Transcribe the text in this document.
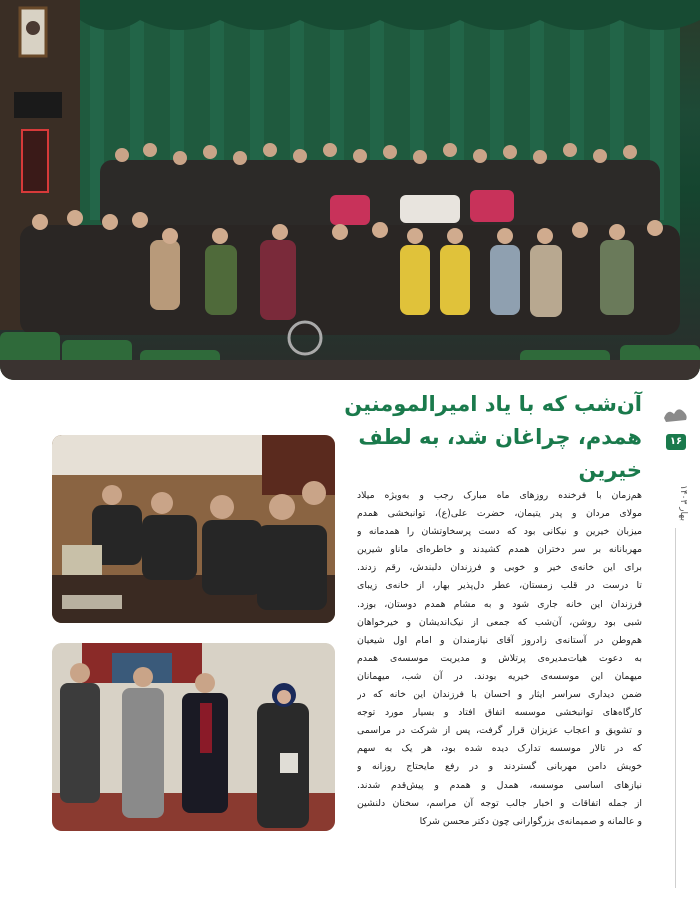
۱۶
بهار ۱۴۰۳
آن‌شب که با یاد امیرالمومنین
همدم، چراغان شد، به لطف خیرین
هم‌زمان با فرخنده روزهای ماه مبارک رجب و به‌ویژه میلاد
مولای مردان و پدر یتیمان، حضرت علی(ع)، توانبخشی همدم
میزبان خیرین و نیکانی بود که دست پرسخاوتشان را همدمانه و
مهربانانه بر سر دختران همدم کشیدند و خاطره‌ای ماناو شیرین
برای این خانه‌ی خیر و خوبی و فرزندان دلبندش، رقم زدند.
تا درست در قلب زمستان، عطر دل‌پذیر بهار، از خانه‌ی زیبای
فرزندان این خانه جاری شود و به مشام همدم دوستان، بوزد.
شبی بود روشن، آن‌شب که جمعی از نیک‌اندیشان و خیرخواهان
هم‌وطن در آستانه‌ی زادروز آقای نیازمندان و امام اول شیعیان
به دعوت هیات‌مدیره‌ی پرتلاش و مدیریت موسسه‌ی همدم
میهمان این موسسه‌ی خیریه بودند. در آن شب، میهمانان
ضمن دیداری سراسر ایثار و احسان با فرزندان این خانه که در
کارگاه‌های توانبخشی موسسه اتفاق افتاد و بسیار مورد توجه
و تشویق و اعجاب عزیزان قرار گرفت، پس از شرکت در مراسمی
که در تالار موسسه تدارک دیده شده بود، هر یک به سهم
خویش دامن مهربانی گستردند و در رفع مایحتاج روزانه و
نیازهای اساسی موسسه، همدل و همدم و پیش‌قدم شدند.
از جمله اتفاقات و اخبار جالب توجه آن مراسم، سخنان دلنشین
و عالمانه و صمیمانه‌ی بزرگوارانی چون دکتر محسن شرکا
